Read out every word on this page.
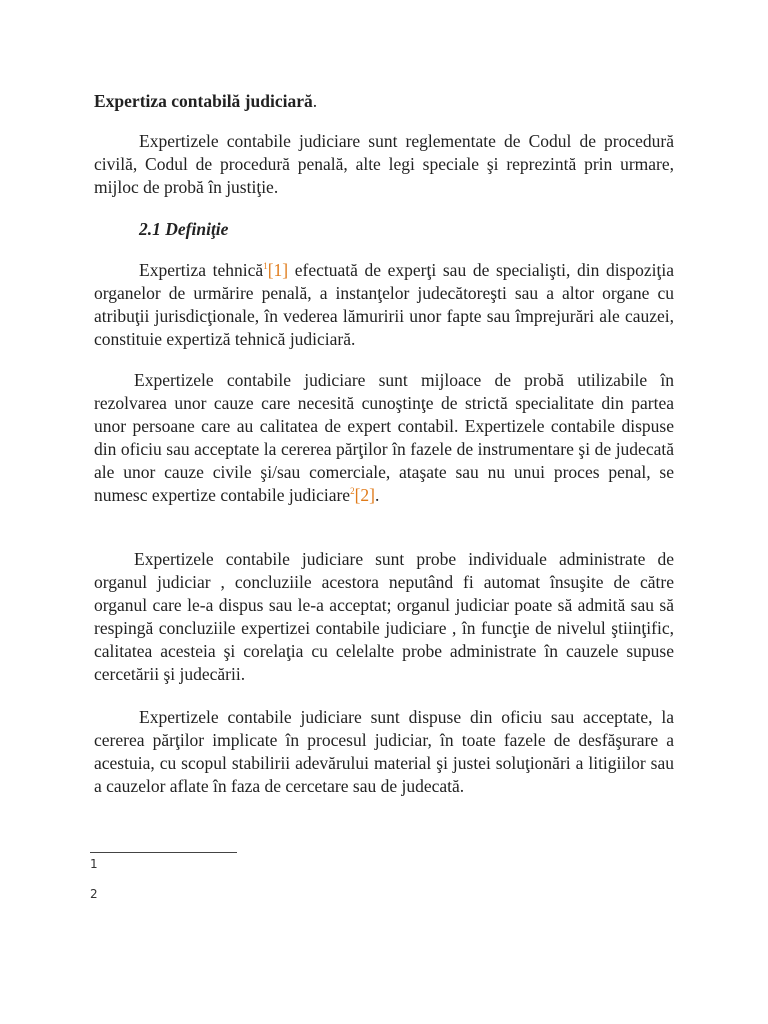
Expertiza contabilă judiciară.
Expertizele contabile judiciare sunt reglementate de Codul de procedură civilă, Codul de procedură penală, alte legi speciale şi reprezintă prin urmare, mijloc de probă în justiţie.
2.1 Definiţie
Expertiza tehnică$^1$[1] efectuată de experţi sau de specialişti, din dispoziţia organelor de urmărire penală, a instanţelor judecătoreşti sau a altor organe cu atribuţii jurisdicţionale, în vederea lămuririi unor fapte sau împrejurări ale cauzei, constituie expertiză tehnică judiciară.
Expertizele contabile judiciare sunt mijloace de probă utilizabile în rezolvarea unor cauze care necesită cunoştinţe de strictă specialitate din partea unor persoane care au calitatea de expert contabil. Expertizele contabile dispuse din oficiu sau acceptate la cererea părţilor în fazele de instrumentare şi de judecată ale unor cauze civile şi/sau comerciale, ataşate sau nu unui proces penal, se numesc expertize contabile judiciare$^2$[2].
Expertizele contabile judiciare sunt probe individuale administrate de organul judiciar , concluziile acestora neputând fi automat însuşite de către organul care le-a dispus sau le-a acceptat; organul judiciar poate să admită sau să respingă concluziile expertizei contabile judiciare , în funcţie de nivelul ştiinţific, calitatea acesteia şi corelaţia cu celelalte probe administrate în cauzele supuse cercetării şi judecării.
Expertizele contabile judiciare sunt dispuse din oficiu sau acceptate, la cererea părţilor implicate în procesul judiciar, în toate fazele de desfăşurare a acestuia, cu scopul stabilirii adevărului material şi justei soluţionări a litigiilor sau a cauzelor aflate în faza de cercetare sau de judecată.
1
2
